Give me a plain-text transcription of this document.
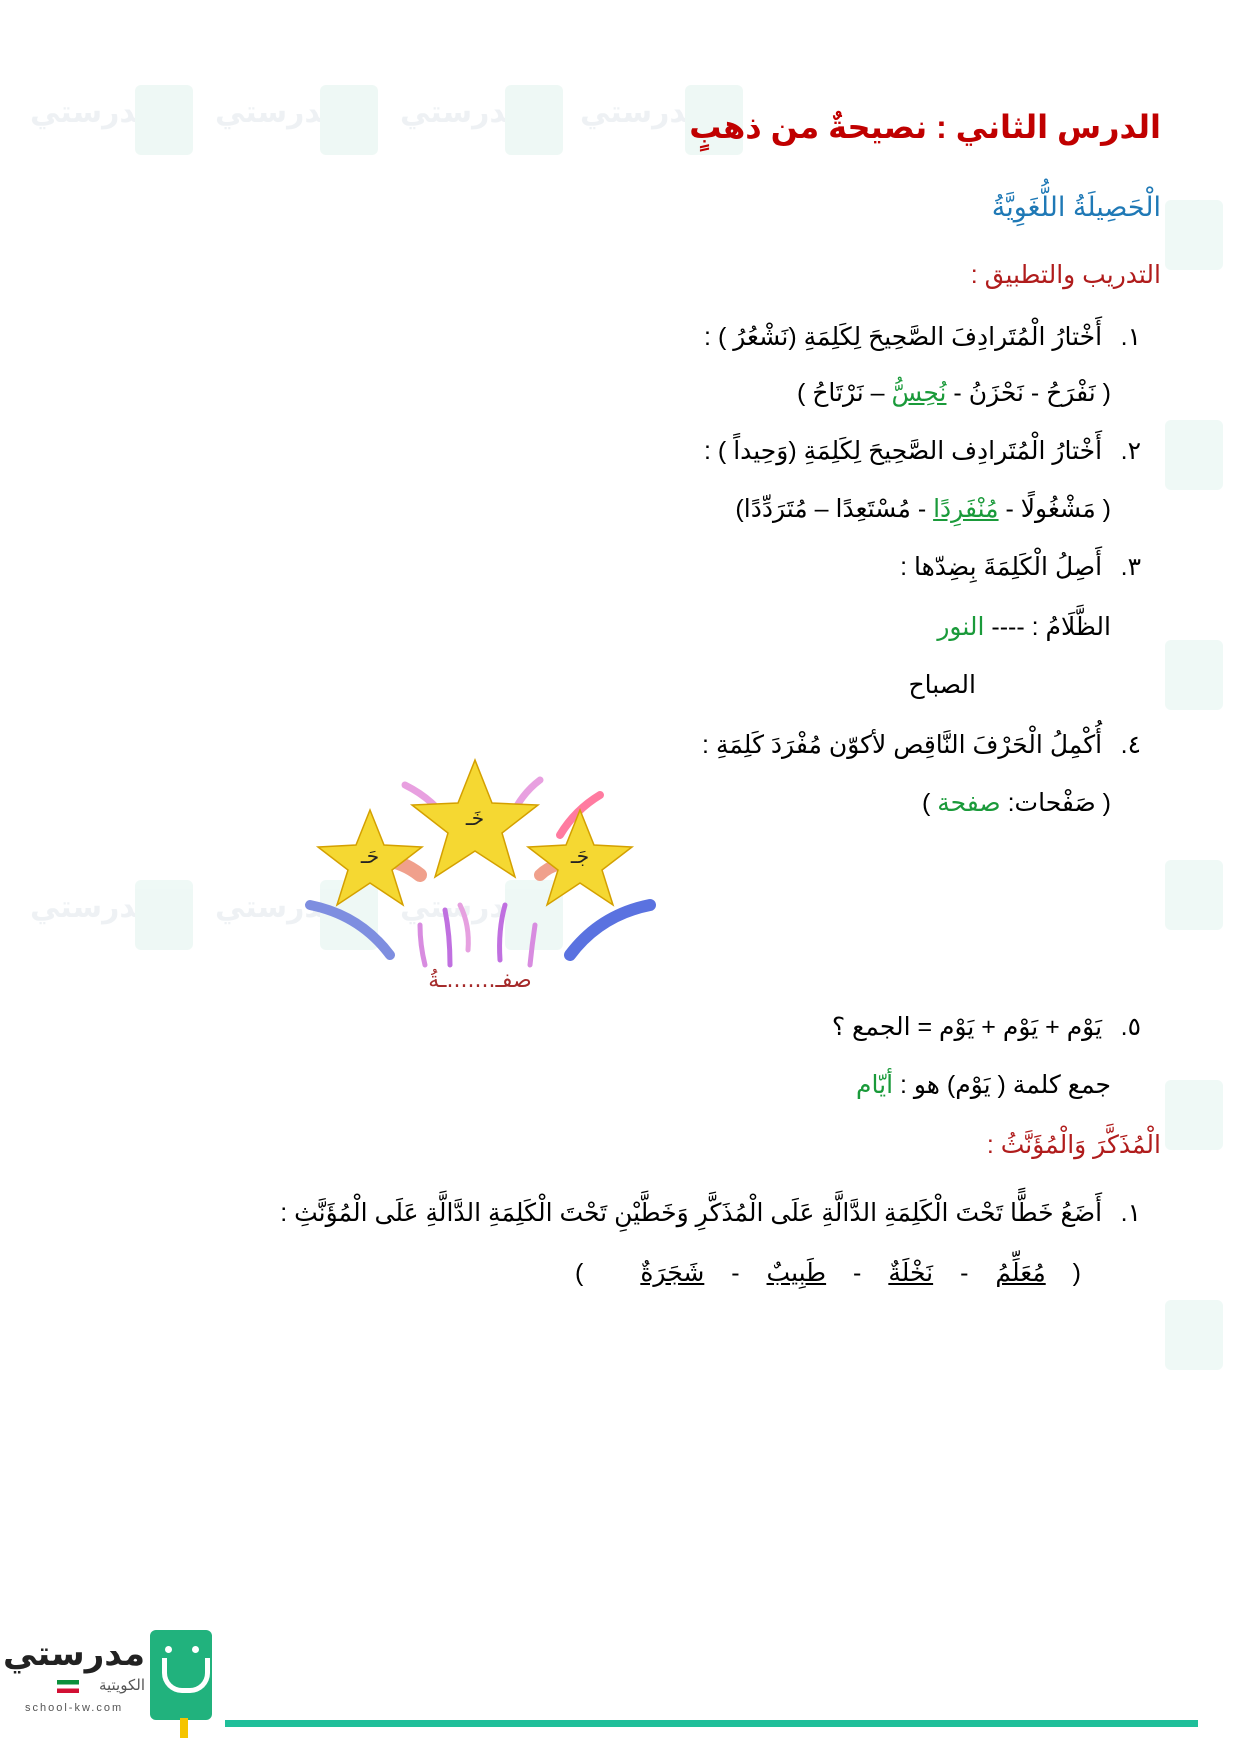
مدرستي مدرستي مدرستي مدرستي
مدرستي مدرستي مدرستي
الدرس الثاني : نصيحةٌ من ذهبٍ
الْحَصِيلَةُ اللُّغَوِيَّةُ
التدريب والتطبيق :
١. أَخْتارُ الْمُتَرادِفَ الصَّحِيحَ لِكَلِمَةِ (نَشْعُرُ ) :
( نَفْرَحُ - نَحْزَنُ - نُحِسُّ – نَرْتَاحُ )
٢. أَخْتارُ الْمُتَرادِف الصَّحِيحَ لِكَلِمَةِ (وَحِيداً ) :
( مَشْغُولًا - مُنْفَرِدًا - مُسْتَعِدًا – مُتَرَدِّدًا)
٣. أَصِلُ الْكَلِمَةَ بِضِدّها :
الظَّلَامُ : ---- النور
الصباح
٤. أُكْمِلُ الْحَرْفَ النَّاقِص لأكوّن مُفْرَدَ كَلِمَةِ :
( صَفْحات: صفحة )
حَـ
خَـ
جَـ
صفـ.......ـةُ
٥. يَوْم + يَوْم + يَوْم = الجمع ؟
جمع كلمة ( يَوْم) هو : أيّام
الْمُذَكَّرَ وَالْمُؤَنَّثُ :
١. أَضَعُ خَطًّا تَحْتَ الْكَلِمَةِ الدَّالَّةِ عَلَى الْمُذَكَّرِ وَخَطَّيْنِ تَحْتَ الْكَلِمَةِ الدَّالَّةِ عَلَى الْمُؤَنَّثِ :
( مُعَلِّمُ - نَخْلَةٌ - طَبِيبٌ - شَجَرَةٌ )
مدرستي
الكويتية
school-kw.com
